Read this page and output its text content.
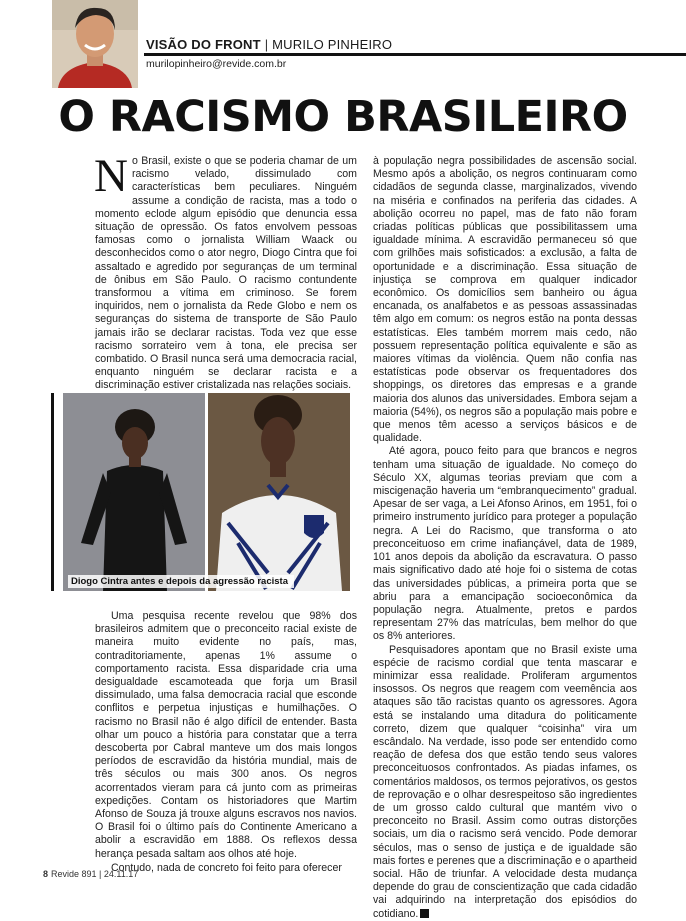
VISÃO DO FRONT | MURILO PINHEIRO
murilopinheiro@revide.com.br
O RACISMO BRASILEIRO

No Brasil, existe o que se poderia chamar de um racismo velado, dissimulado com características bem peculiares. Ninguém assume a condição de racista, mas a todo o momento eclode algum episódio que denuncia essa situação de opressão. Os fatos envolvem pessoas famosas como o jornalista William Waack ou desconhecidos como o ator negro, Diogo Cintra que foi assaltado e agredido por seguranças de um terminal de ônibus em São Paulo. O racismo contundente transformou a vítima em criminoso. Se forem inquiridos, nem o jornalista da Rede Globo e nem os seguranças do sistema de transporte de São Paulo jamais irão se declarar racistas. Toda vez que esse racismo sorrateiro vem à tona, ele precisa ser combatido. O Brasil nunca será uma democracia racial, enquanto ninguém se declarar racista e a discriminação estiver cristalizada nas relações sociais.

Diogo Cintra antes e depois da agressão racista

Uma pesquisa recente revelou que 98% dos brasileiros admitem que o preconceito racial existe de maneira muito evidente no país, mas, contraditoriamente, apenas 1% assume o comportamento racista. Essa disparidade cria uma desigualdade escamoteada que forja um Brasil dissimulado, uma falsa democracia racial que esconde conflitos e perpetua injustiças e humilhações. O racismo no Brasil não é algo difícil de entender. Basta olhar um pouco a história para constatar que a terra descoberta por Cabral manteve um dos mais longos períodos de escravidão da história mundial, mais de três séculos ou mais 300 anos. Os negros acorrentados vieram para cá junto com as primeiras expedições. Contam os historiadores que Martim Afonso de Souza já trouxe alguns escravos nos navios. O Brasil foi o último país do Continente Americano a abolir a escravidão em 1888. Os reflexos dessa herança pesada saltam aos olhos até hoje.

Contudo, nada de concreto foi feito para oferecer

à população negra possibilidades de ascensão social. Mesmo após a abolição, os negros continuaram como cidadãos de segunda classe, marginalizados, vivendo na miséria e confinados na periferia das cidades. A abolição ocorreu no papel, mas de fato não foram criadas políticas públicas que possibilitassem uma igualdade mínima. A escravidão permaneceu só que com grilhões mais sofisticados: a exclusão, a falta de oportunidade e a discriminação. Essa situação de injustiça se comprova em qualquer indicador econômico. Os domicílios sem banheiro ou água encanada, os analfabetos e as pessoas assassinadas têm algo em comum: os negros estão na ponta dessas estatísticas. Eles também morrem mais cedo, não possuem representação política equivalente e são as maiores vítimas da violência. Quem não confia nas estatísticas pode observar os frequentadores dos shoppings, os diretores das empresas e a grande maioria dos alunos das universidades. Embora sejam a maioria (54%), os negros são a população mais pobre e que menos têm acesso a serviços básicos e de qualidade.

Até agora, pouco feito para que brancos e negros tenham uma situação de igualdade. No começo do Século XX, algumas teorias previam que com a miscigenação haveria um “embranquecimento” gradual. Apesar de ser vaga, a Lei Afonso Arinos, em 1951, foi o primeiro instrumento jurídico para proteger a população negra. A Lei do Racismo, que transforma o ato preconceituoso em crime inafiançável, data de 1989, 101 anos depois da abolição da escravatura. O passo mais significativo dado até hoje foi o sistema de cotas das universidades públicas, a primeira porta que se abriu para a emancipação socioeconômica da população negra. Atualmente, pretos e pardos representam 27% das matrículas, bem melhor do que os 8% anteriores.

Pesquisadores apontam que no Brasil existe uma espécie de racismo cordial que tenta mascarar e minimizar essa realidade. Proliferam argumentos insossos. Os negros que reagem com veemência aos ataques são tão racistas quanto os agressores. Agora está se instalando uma ditadura do politicamente correto, dizem que qualquer “coisinha” vira um escândalo. Na verdade, isso pode ser entendido como reação de defesa dos que estão tendo seus valores preconceituosos confrontados. As piadas infames, os comentários maldosos, os termos pejorativos, os gestos de reprovação e o olhar desrespeitoso são ingredientes de um grosso caldo cultural que mantém vivo o preconceito no Brasil. Assim como outras distorções sociais, um dia o racismo será vencido. Pode demorar séculos, mas o senso de justiça e de igualdade são mais fortes e perenes que a discriminação e o apartheid social. Hão de triunfar. A velocidade desta mudança depende do grau de conscientização que cada cidadão vai adquirindo na interpretação dos episódios do cotidiano.

8 Revide 891 | 24.11.17
